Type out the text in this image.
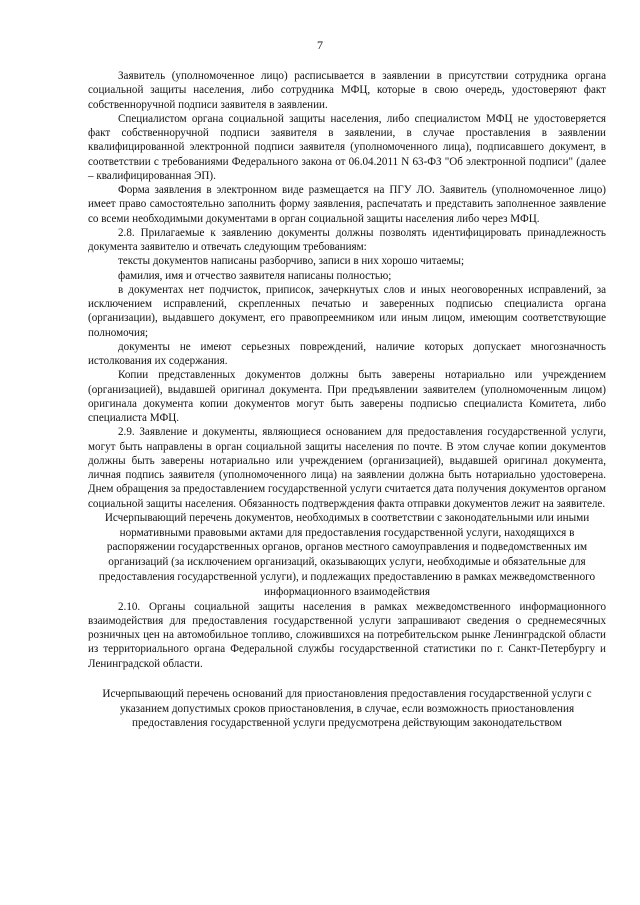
7

Заявитель (уполномоченное лицо) расписывается в заявлении в присутствии сотрудника органа социальной защиты населения, либо сотрудника МФЦ, которые в свою очередь, удостоверяют факт собственноручной подписи заявителя в заявлении.

Специалистом органа социальной защиты населения, либо специалистом МФЦ не удостоверяется факт собственноручной подписи заявителя в заявлении, в случае проставления в заявлении квалифицированной электронной подписи заявителя (уполномоченного лица), подписавшего документ, в соответствии с требованиями Федерального закона от 06.04.2011 N 63-ФЗ "Об электронной подписи" (далее – квалифицированная ЭП).

Форма заявления в электронном виде размещается на ПГУ ЛО. Заявитель (уполномоченное лицо) имеет право самостоятельно заполнить форму заявления, распечатать и представить заполненное заявление со всеми необходимыми документами в орган социальной защиты населения либо через МФЦ.

2.8. Прилагаемые к заявлению документы должны позволять идентифицировать принадлежность документа заявителю и отвечать следующим требованиям:

тексты документов написаны разборчиво, записи в них хорошо читаемы;

фамилия, имя и отчество заявителя написаны полностью;

в документах нет подчисток, приписок, зачеркнутых слов и иных неоговоренных исправлений, за исключением исправлений, скрепленных печатью и заверенных подписью специалиста органа (организации), выдавшего документ, его правопреемником или иным лицом, имеющим соответствующие полномочия;

документы не имеют серьезных повреждений, наличие которых допускает многозначность истолкования их содержания.

Копии представленных документов должны быть заверены нотариально или учреждением (организацией), выдавшей оригинал документа. При предъявлении заявителем (уполномоченным лицом) оригинала документа копии документов могут быть заверены подписью специалиста Комитета, либо специалиста МФЦ.

2.9. Заявление и документы, являющиеся основанием для предоставления государственной услуги, могут быть направлены в орган социальной защиты населения по почте. В этом случае копии документов должны быть заверены нотариально или учреждением (организацией), выдавшей оригинал документа, личная подпись заявителя (уполномоченного лица) на заявлении должна быть нотариально удостоверена. Днем обращения за предоставлением государственной услуги считается дата получения документов органом социальной защиты населения. Обязанность подтверждения факта отправки документов лежит на заявителе.

Исчерпывающий перечень документов, необходимых в соответствии с законодательными или иными нормативными правовыми актами для предоставления государственной услуги, находящихся в распоряжении государственных органов, органов местного самоуправления и подведомственных им организаций (за исключением организаций, оказывающих услуги, необходимые и обязательные для предоставления государственной услуги), и подлежащих предоставлению в рамках межведомственного информационного взаимодействия

2.10. Органы социальной защиты населения в рамках межведомственного информационного взаимодействия для предоставления государственной услуги запрашивают сведения о среднемесячных розничных цен на автомобильное топливо, сложившихся на потребительском рынке Ленинградской области из территориального органа Федеральной службы государственной статистики по г. Санкт-Петербургу и Ленинградской области.

Исчерпывающий перечень оснований для приостановления предоставления государственной услуги с указанием допустимых сроков приостановления, в случае, если возможность приостановления предоставления государственной услуги предусмотрена действующим законодательством
